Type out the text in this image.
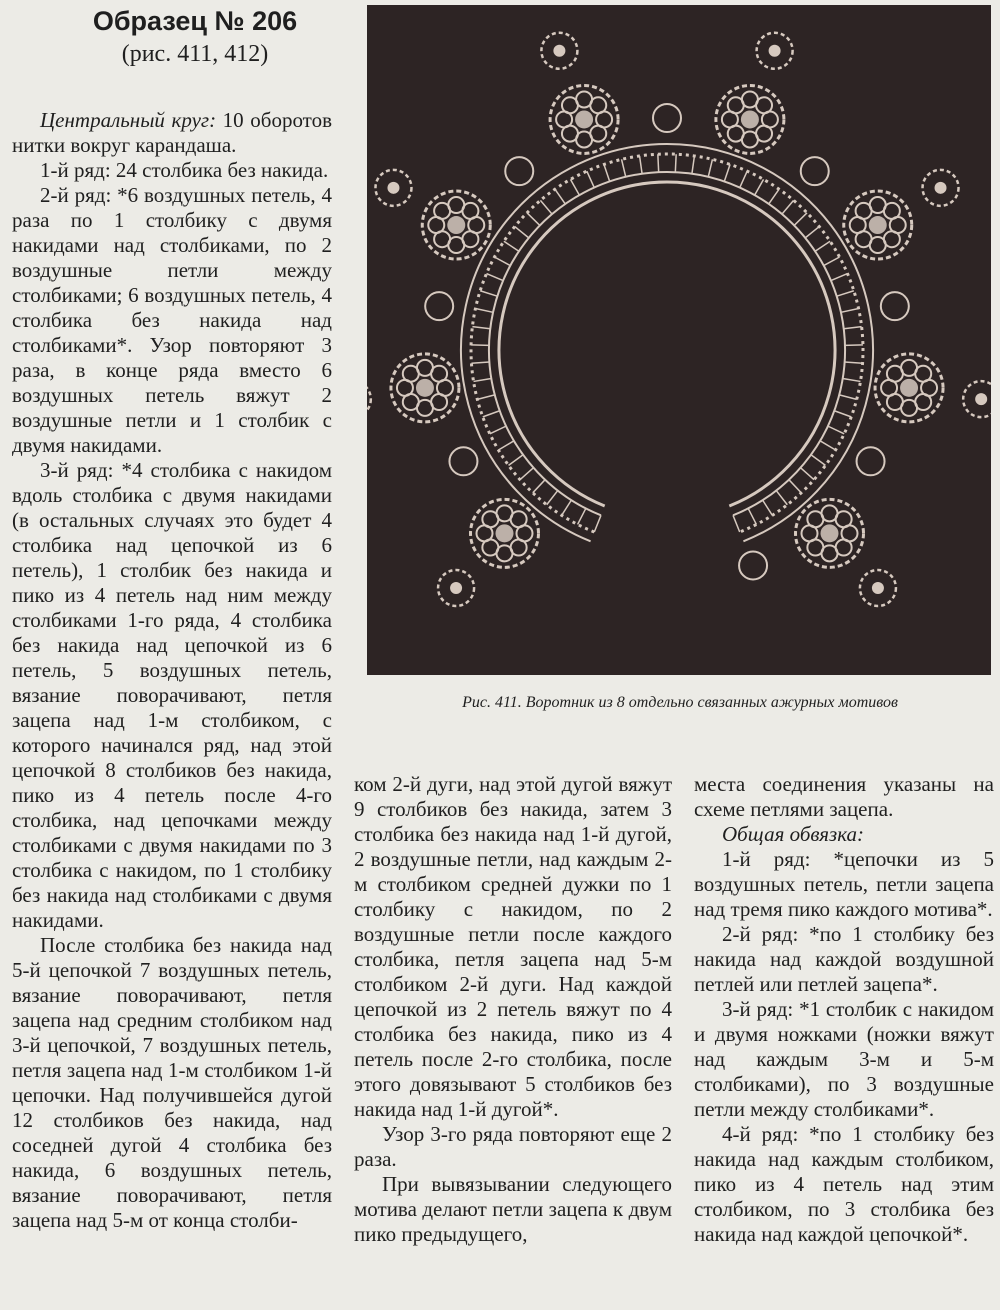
Образец № 206
(рис. 411, 412)

Центральный круг: 10 оборотов нитки вокруг карандаша.

1-й ряд: 24 столбика без накида.

2-й ряд: *6 воздушных петель, 4 раза по 1 столбику с двумя накидами над столбиками, по 2 воздушные петли между столбиками; 6 воздушных петель, 4 столбика без накида над столбиками*. Узор повторяют 3 раза, в конце ряда вместо 6 воздушных петель вяжут 2 воздушные петли и 1 столбик с двумя накидами.

3-й ряд: *4 столбика с накидом вдоль столбика с двумя накидами (в остальных случаях это будет 4 столбика над цепочкой из 6 петель), 1 столбик без накида и пико из 4 петель над ним между столбиками 1-го ряда, 4 столбика без накида над цепочкой из 6 петель, 5 воздушных петель, вязание поворачивают, петля зацепа над 1-м столбиком, с которого начинался ряд, над этой цепочкой 8 столбиков без накида, пико из 4 петель после 4-го столбика, над цепочками между столбиками с двумя накидами по 3 столбика с накидом, по 1 столбику без накида над столбиками с двумя накидами.

После столбика без накида над 5-й цепочкой 7 воздушных петель, вязание поворачивают, петля зацепа над средним столбиком над 3-й цепочкой, 7 воздушных петель, петля зацепа над 1-м столбиком 1-й цепочки. Над получившейся дугой 12 столбиков без накида, над соседней дугой 4 столбика без накида, 6 воздушных петель, вязание поворачивают, петля зацепа над 5-м от конца столби-

Рис. 411. Воротник из 8 отдельно связанных ажурных мотивов

ком 2-й дуги, над этой дугой вяжут 9 столбиков без накида, затем 3 столбика без накида над 1-й дугой, 2 воздушные петли, над каждым 2-м столбиком средней дужки по 1 столбику с накидом, по 2 воздушные петли после каждого столбика, петля зацепа над 5-м столбиком 2-й дуги. Над каждой цепочкой из 2 петель вяжут по 4 столбика без накида, пико из 4 петель после 2-го столбика, после этого довязывают 5 столбиков без накида над 1-й дугой*.

Узор 3-го ряда повторяют еще 2 раза.

При вывязывании следующего мотива делают петли зацепа к двум пико предыдущего,

места соединения указаны на схеме петлями зацепа.

Общая обвязка:

1-й ряд: *цепочки из 5 воздушных петель, петли зацепа над тремя пико каждого мотива*.

2-й ряд: *по 1 столбику без накида над каждой воздушной петлей или петлей зацепа*.

3-й ряд: *1 столбик с накидом и двумя ножками (ножки вяжут над каждым 3-м и 5-м столбиками), по 3 воздушные петли между столбиками*.

4-й ряд: *по 1 столбику без накида над каждым столбиком, пико из 4 петель над этим столбиком, по 3 столбика без накида над каждой цепочкой*.
